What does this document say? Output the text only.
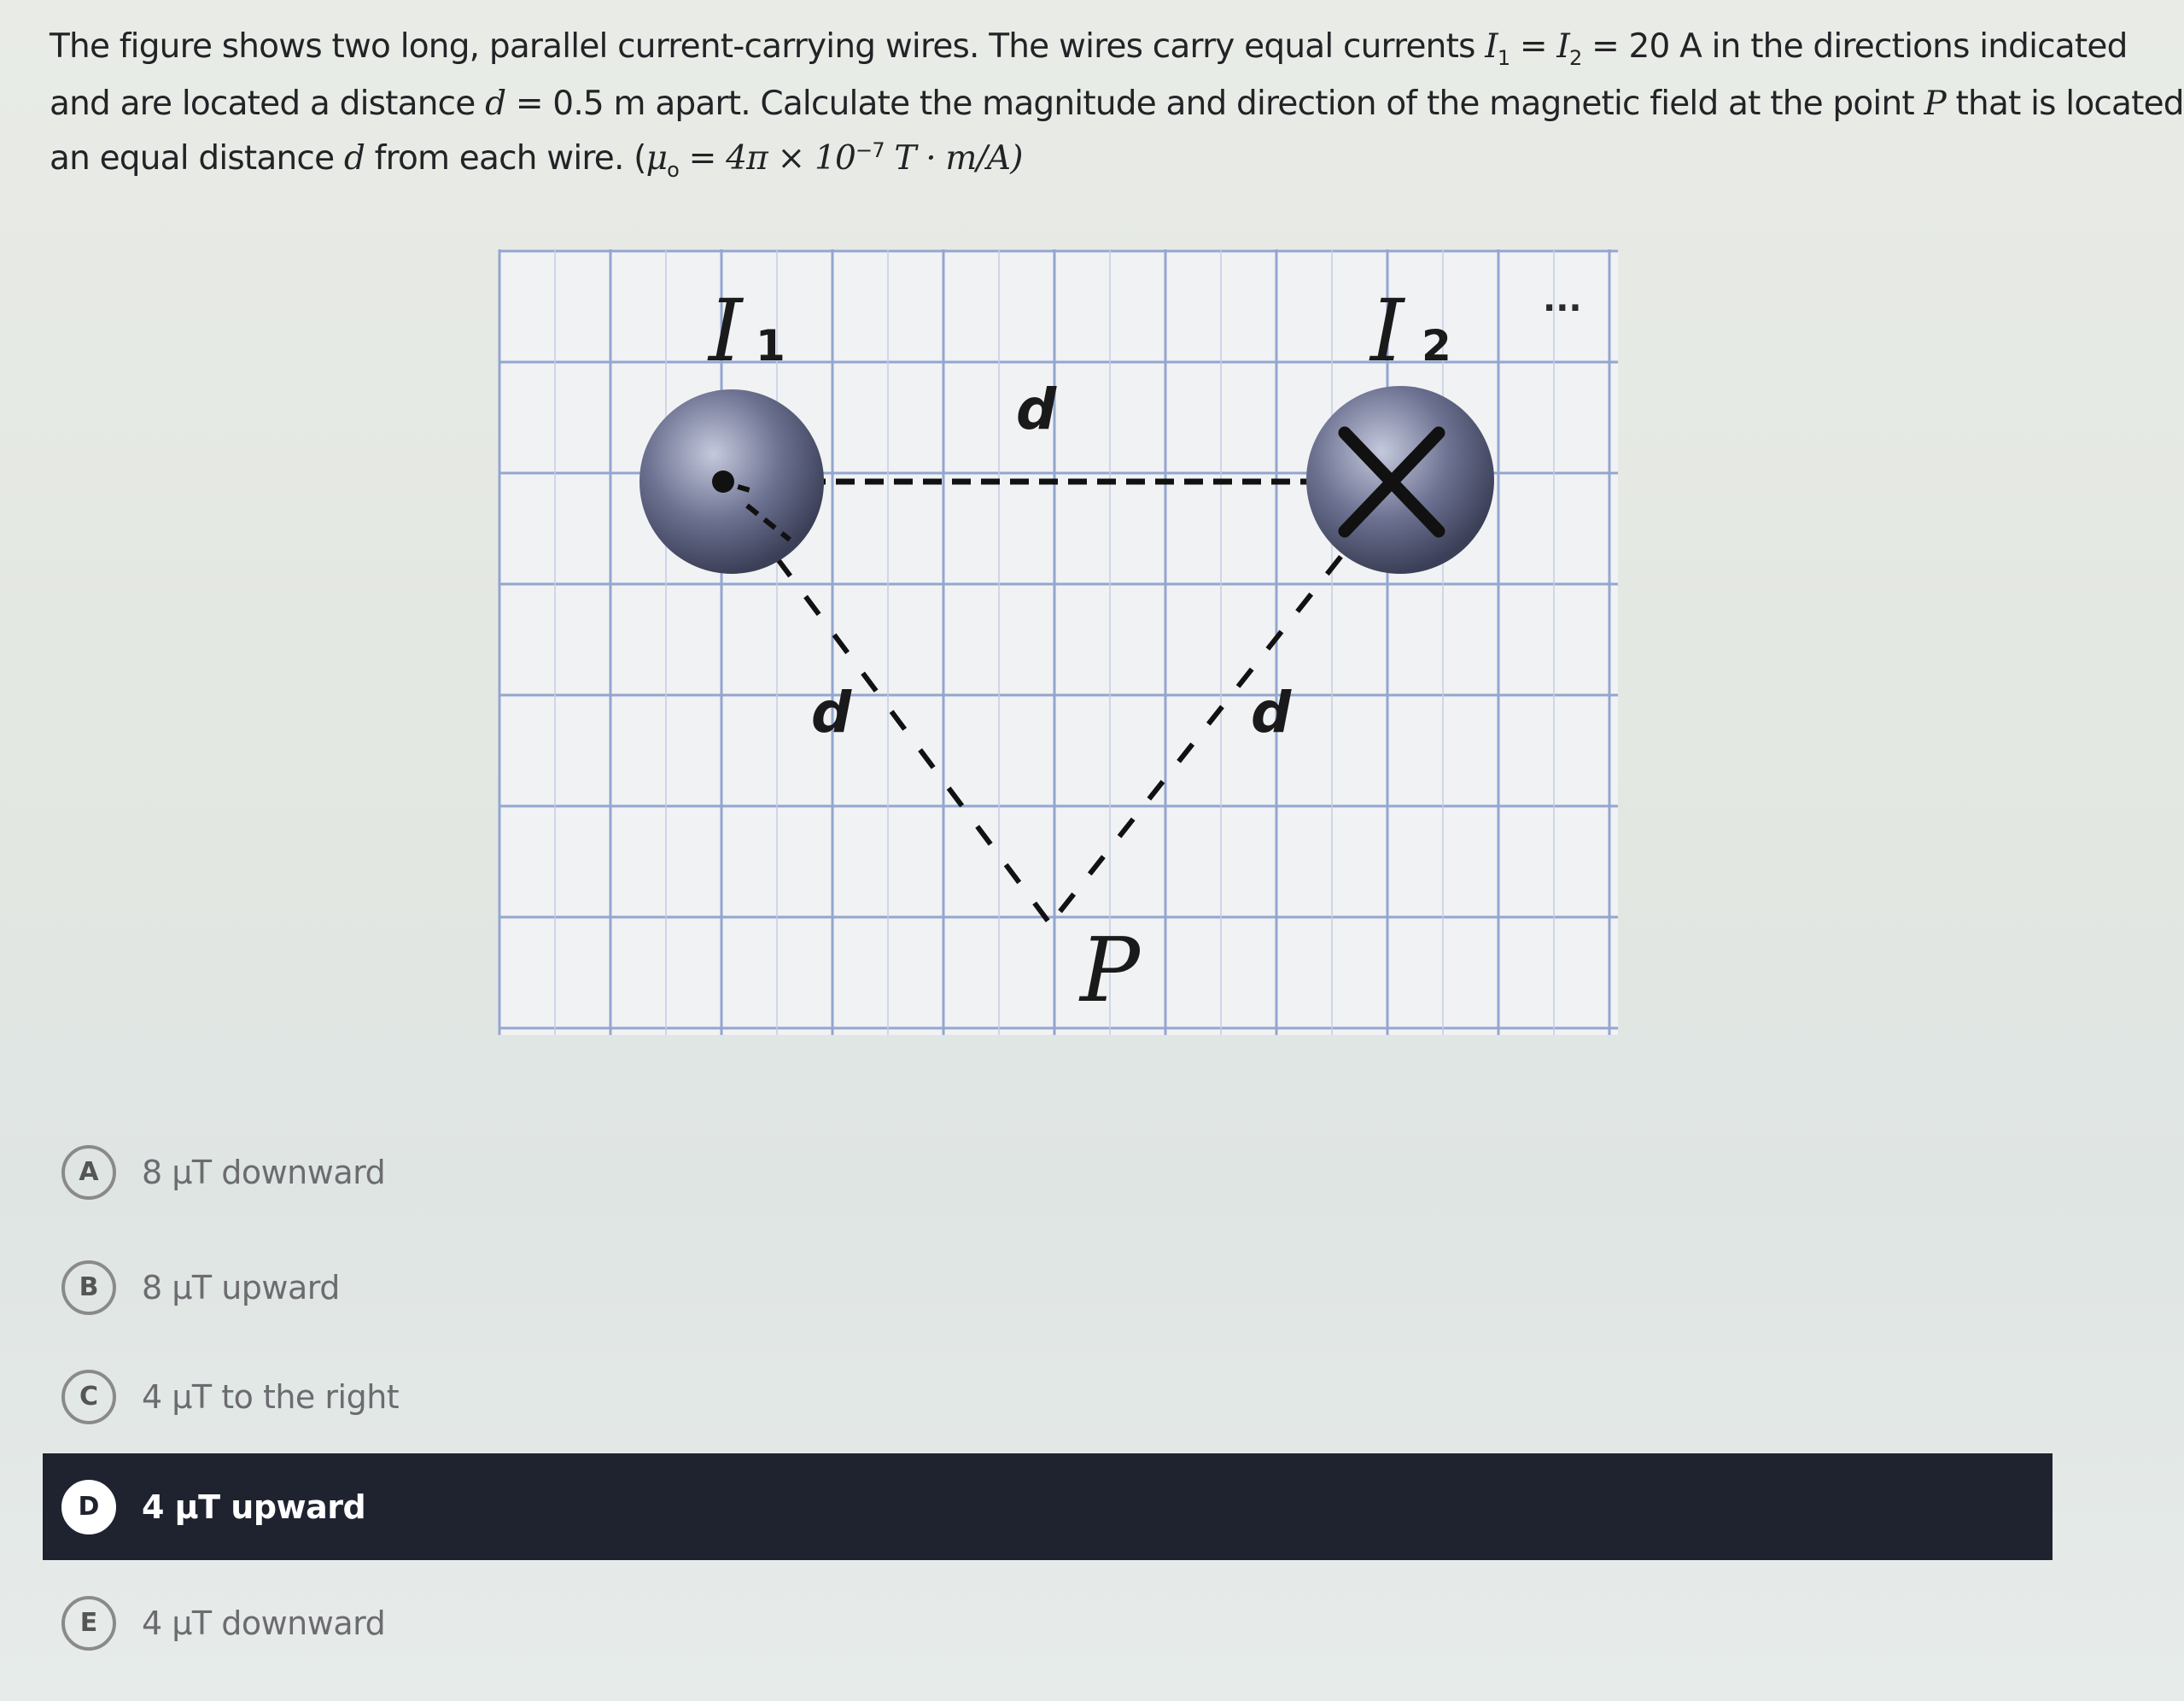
The figure shows two long, parallel current-carrying wires. The wires carry equal currents $I_1 = I_2 = 20$ A in the directions indicated
and are located a distance d = 0.5 m apart. Calculate the magnitude and direction of the magnetic field at the point P that is located
an equal distance d from each wire. ($\mu_o = 4\pi \times 10^{-7}$ T · m/A)
I 1	I 2
d
d	d
P
···
A	8 μT downward
B	8 μT upward
C	4 μT to the right
D	4 μT upward
E	4 μT downward
